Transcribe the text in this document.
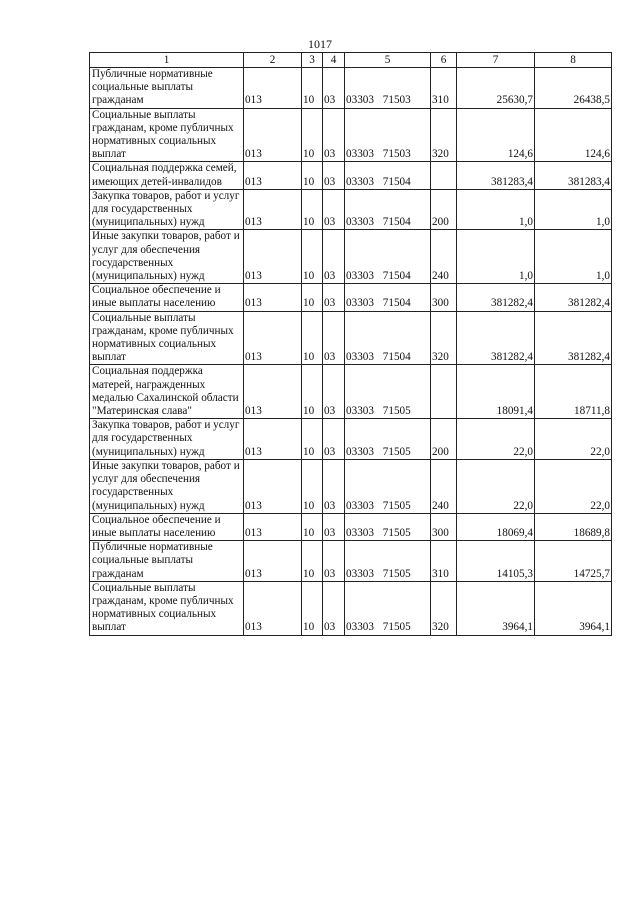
1017
1	2	3	4	5	6	7	8
Публичные нормативные социальные выплаты гражданам	013	10	03	03303 71503	310	25630,7	26438,5
Социальные выплаты гражданам, кроме публичных нормативных социальных выплат	013	10	03	03303 71503	320	124,6	124,6
Социальная поддержка семей, имеющих детей-инвалидов	013	10	03	03303 71504		381283,4	381283,4
Закупка товаров, работ и услуг для государственных (муниципальных) нужд	013	10	03	03303 71504	200	1,0	1,0
Иные закупки товаров, работ и услуг для обеспечения государственных (муниципальных) нужд	013	10	03	03303 71504	240	1,0	1,0
Социальное обеспечение и иные выплаты населению	013	10	03	03303 71504	300	381282,4	381282,4
Социальные выплаты гражданам, кроме публичных нормативных социальных выплат	013	10	03	03303 71504	320	381282,4	381282,4
Социальная поддержка матерей, награжденных медалью Сахалинской области "Материнская слава"	013	10	03	03303 71505		18091,4	18711,8
Закупка товаров, работ и услуг для государственных (муниципальных) нужд	013	10	03	03303 71505	200	22,0	22,0
Иные закупки товаров, работ и услуг для обеспечения государственных (муниципальных) нужд	013	10	03	03303 71505	240	22,0	22,0
Социальное обеспечение и иные выплаты населению	013	10	03	03303 71505	300	18069,4	18689,8
Публичные нормативные социальные выплаты гражданам	013	10	03	03303 71505	310	14105,3	14725,7
Социальные выплаты гражданам, кроме публичных нормативных социальных выплат	013	10	03	03303 71505	320	3964,1	3964,1
